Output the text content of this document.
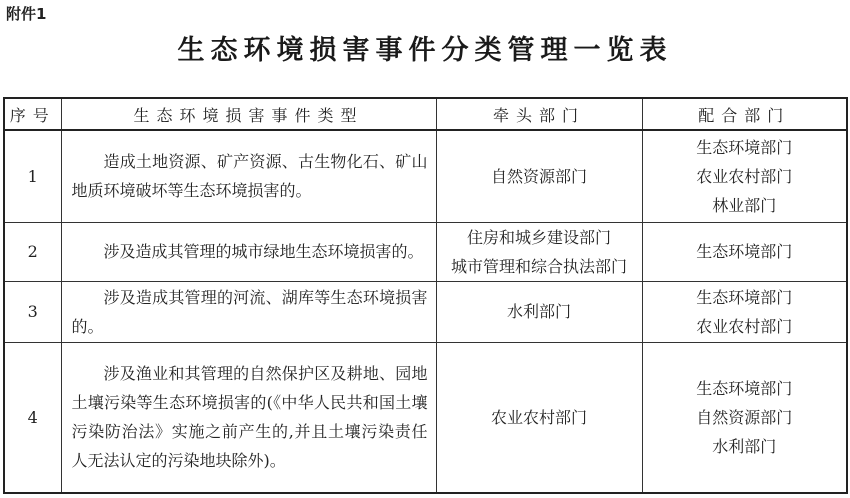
附件1
生态环境损害事件分类管理一览表
序号	生态环境损害事件类型	牵头部门	配合部门
1	造成土地资源、矿产资源、古生物化石、矿山地质环境破坏等生态环境损害的。	自然资源部门	生态环境部门
农业农村部门
林业部门

2	涉及造成其管理的城市绿地生态环境损害的。	住房和城乡建设部门
城市管理和综合执法部门	生态环境部门

3	涉及造成其管理的河流、湖库等生态环境损害的。	水利部门	生态环境部门
农业农村部门

4	涉及渔业和其管理的自然保护区及耕地、园地土壤污染等生态环境损害的(《中华人民共和国土壤污染防治法》实施之前产生的,并且土壤污染责任人无法认定的污染地块除外)。	农业农村部门	生态环境部门
自然资源部门
水利部门
